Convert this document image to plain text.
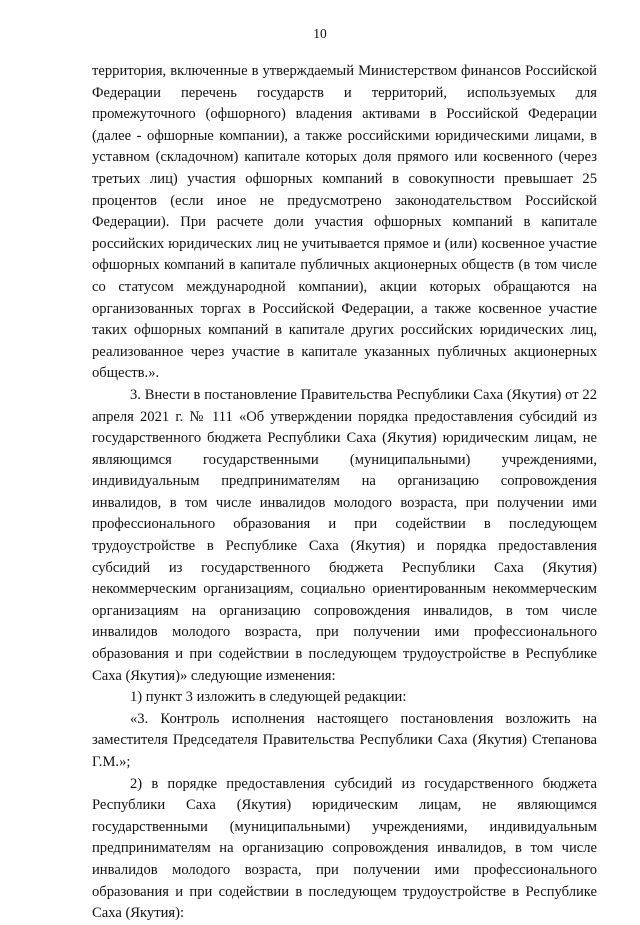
10

территория, включенные в утверждаемый Министерством финансов Российской Федерации перечень государств и территорий, используемых для промежуточного (офшорного) владения активами в Российской Федерации (далее - офшорные компании), а также российскими юридическими лицами, в уставном (складочном) капитале которых доля прямого или косвенного (через третьих лиц) участия офшорных компаний в совокупности превышает 25 процентов (если иное не предусмотрено законодательством Российской Федерации). При расчете доли участия офшорных компаний в капитале российских юридических лиц не учитывается прямое и (или) косвенное участие офшорных компаний в капитале публичных акционерных обществ (в том числе со статусом международной компании), акции которых обращаются на организованных торгах в Российской Федерации, а также косвенное участие таких офшорных компаний в капитале других российских юридических лиц, реализованное через участие в капитале указанных публичных акционерных обществ.».

3. Внести в постановление Правительства Республики Саха (Якутия) от 22 апреля 2021 г. № 111 «Об утверждении порядка предоставления субсидий из государственного бюджета Республики Саха (Якутия) юридическим лицам, не являющимся государственными (муниципальными) учреждениями, индивидуальным предпринимателям на организацию сопровождения инвалидов, в том числе инвалидов молодого возраста, при получении ими профессионального образования и при содействии в последующем трудоустройстве в Республике Саха (Якутия) и порядка предоставления субсидий из государственного бюджета Республики Саха (Якутия) некоммерческим организациям, социально ориентированным некоммерческим организациям на организацию сопровождения инвалидов, в том числе инвалидов молодого возраста, при получении ими профессионального образования и при содействии в последующем трудоустройстве в Республике Саха (Якутия)» следующие изменения:

1) пункт 3 изложить в следующей редакции:

«3. Контроль исполнения настоящего постановления возложить на заместителя Председателя Правительства Республики Саха (Якутия) Степанова Г.М.»;

2) в порядке предоставления субсидий из государственного бюджета Республики Саха (Якутия) юридическим лицам, не являющимся государственными (муниципальными) учреждениями, индивидуальным предпринимателям на организацию сопровождения инвалидов, в том числе инвалидов молодого возраста, при получении ими профессионального образования и при содействии в последующем трудоустройстве в Республике Саха (Якутия):
